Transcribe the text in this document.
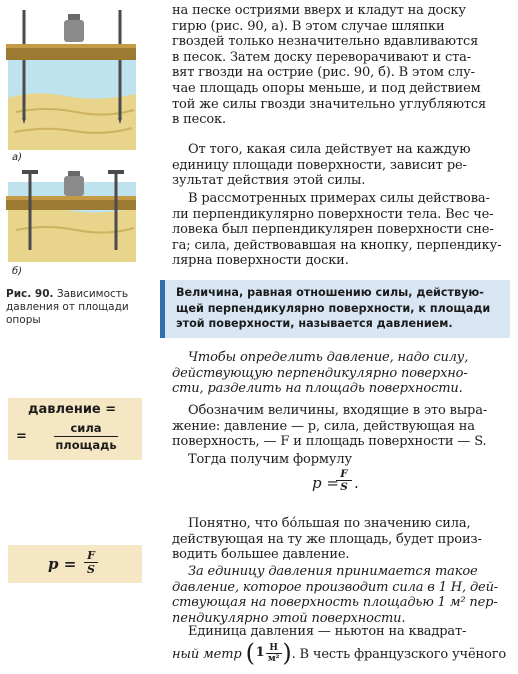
а)
б)
Рис. 90. Зависимость давления от площади опоры
давление =
=
сила
площадь
$p = \frac{F}{S}$
на песке остриями вверх и кладут на доску
гирю (рис. 90, а). В этом случае шляпки
гвоздей только незначительно вдавливаются
в песок. Затем доску переворачивают и ста-
вят гвозди на острие (рис. 90, б). В этом слу-
чае площадь опоры меньше, и под действием
той же силы гвозди значительно углубляются
в песок.
От того, какая сила действует на каждую
единицу площади поверхности, зависит ре-
зультат действия этой силы.
В рассмотренных примерах силы действова-
ли перпендикулярно поверхности тела. Вес че-
ловека был перпендикулярен поверхности сне-
га; сила, действовавшая на кнопку, перпендику-
лярна поверхности доски.
Величина, равная отношению силы, действую-
щей перпендикулярно поверхности, к площади
этой поверхности, называется давлением.
Чтобы определить давление, надо силу,
действующую перпендикулярно поверхно-
сти, разделить на площадь поверхности.
Обозначим величины, входящие в это выра-
жение: давление — p, сила, действующая на
поверхность, — F и площадь поверхности — S.
Тогда получим формулу
p =
$\frac{F}{S}$ .
Понятно, что бо́льшая по значению сила,
действующая на ту же площадь, будет произ-
водить большее давление.
За единицу давления принимается такое
давление, которое производит сила в 1 Н, дей-
ствующая на поверхность площадью 1 м² пер-
пендикулярно этой поверхности.
Единица давления — ньютон на квадрат-
ный метр ( 1 Н
м² ) . В честь французского учёного
